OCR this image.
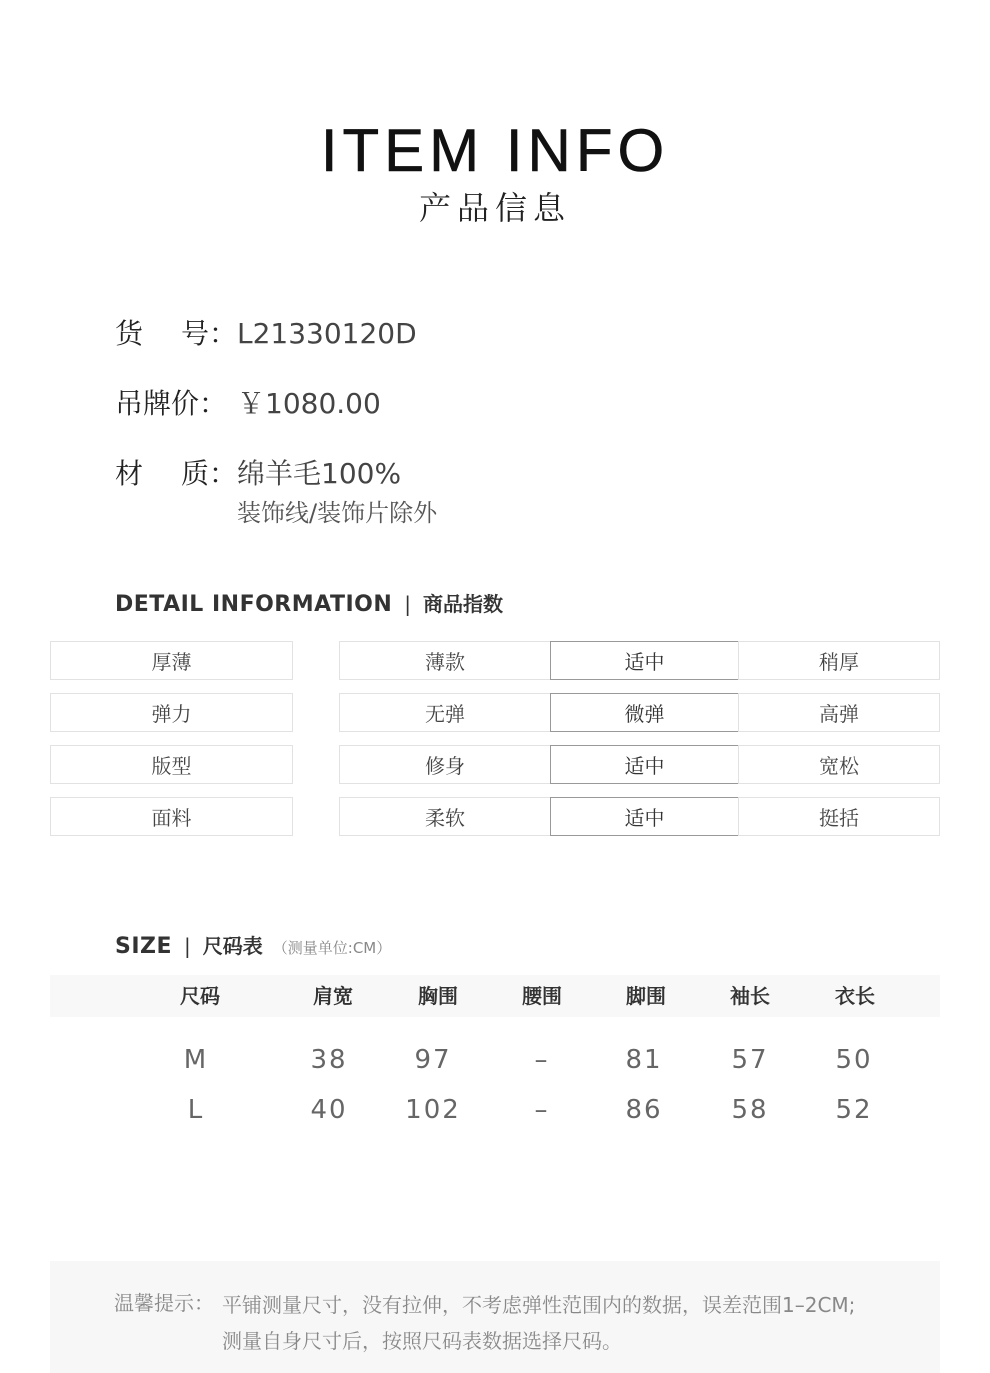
ITEM INFO
产品信息
货 号： L21330120D
吊牌价： ￥1080.00
材 质： 绵羊毛100%
装饰线/装饰片除外
DETAIL INFORMATION | 商品指数
厚薄	薄款	适中	稍厚
弹力	无弹	微弹	高弹
版型	修身	适中	宽松
面料	柔软	适中	挺括
SIZE | 尺码表 （测量单位:CM）
尺码	肩宽	胸围	腰围	脚围	袖长	衣长
M	38	97	–	81	57	50
L	40	102	–	86	58	52
温馨提示： 平铺测量尺寸，没有拉伸，不考虑弹性范围内的数据，误差范围1–2CM;
测量自身尺寸后，按照尺码表数据选择尺码。
